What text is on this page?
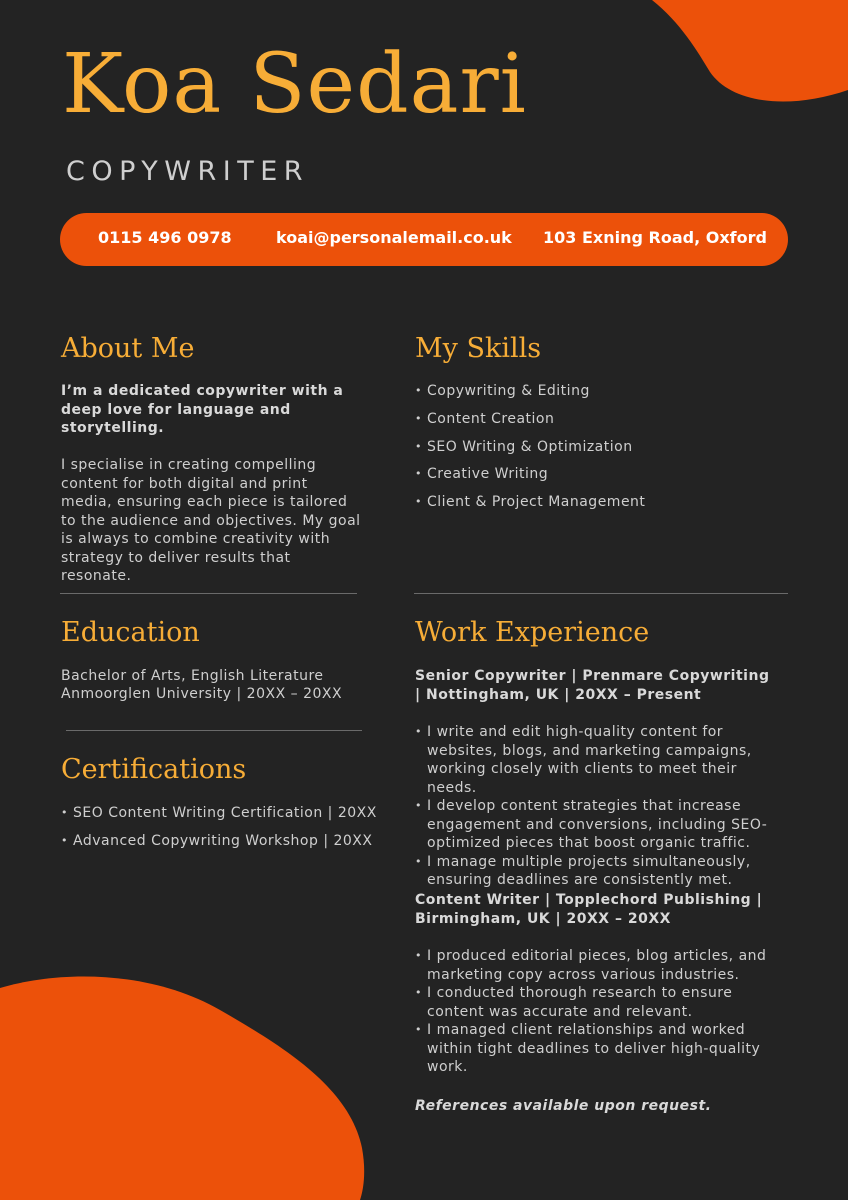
Koa Sedari
COPYWRITER
0115 496 0978	koai@personalemail.co.uk 103 Exning Road, Oxford
About Me
I’m a dedicated copywriter with a deep love for language and storytelling.
I specialise in creating compelling content for both digital and print media, ensuring each piece is tailored to the audience and objectives. My goal is always to combine creativity with strategy to deliver results that resonate.
My Skills
• Copywriting & Editing
• Content Creation
• SEO Writing & Optimization
• Creative Writing
• Client & Project Management
Education
Bachelor of Arts, English Literature
Anmoorglen University | 20XX – 20XX
Certifications
• SEO Content Writing Certification | 20XX
• Advanced Copywriting Workshop | 20XX
Work Experience
Senior Copywriter | Prenmare Copywriting | Nottingham, UK | 20XX – Present
• I write and edit high-quality content for websites, blogs, and marketing campaigns, working closely with clients to meet their needs.
• I develop content strategies that increase engagement and conversions, including SEO-optimized pieces that boost organic traffic.
• I manage multiple projects simultaneously, ensuring deadlines are consistently met.
Content Writer | Topplechord Publishing | Birmingham, UK | 20XX – 20XX
• I produced editorial pieces, blog articles, and marketing copy across various industries.
• I conducted thorough research to ensure content was accurate and relevant.
• I managed client relationships and worked within tight deadlines to deliver high-quality work.
References available upon request.
